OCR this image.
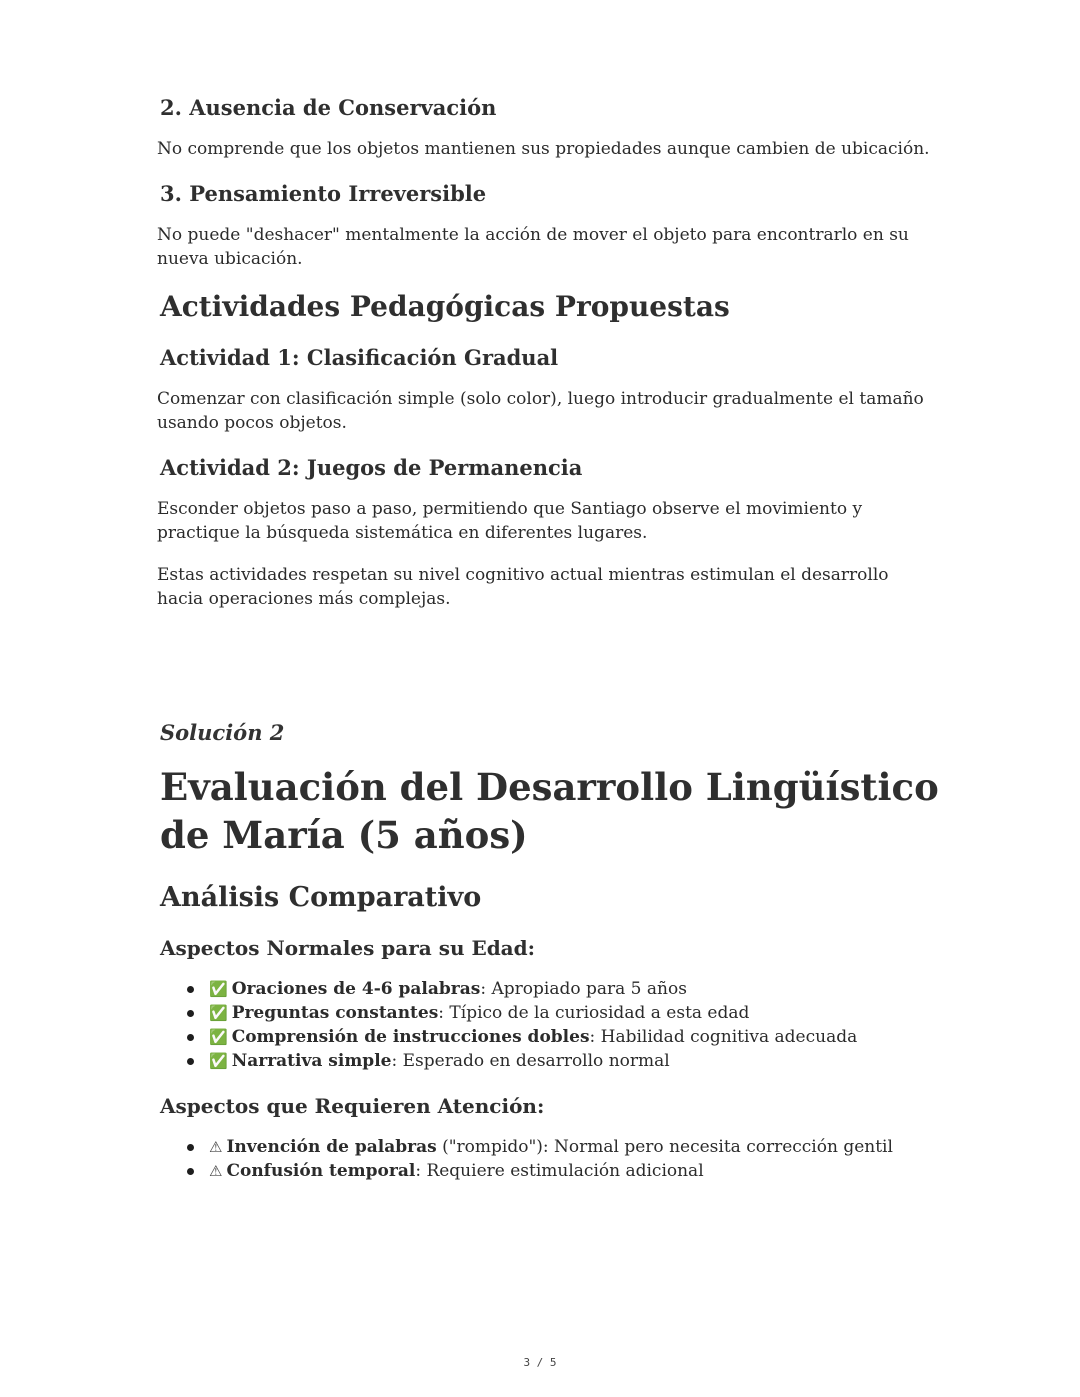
2. Ausencia de Conservación

No comprende que los objetos mantienen sus propiedades aunque cambien de ubicación.

3. Pensamiento Irreversible

No puede "deshacer" mentalmente la acción de mover el objeto para encontrarlo en su nueva ubicación.

Actividades Pedagógicas Propuestas
Actividad 1: Clasificación Gradual

Comenzar con clasificación simple (solo color), luego introducir gradualmente el tamaño usando pocos objetos.

Actividad 2: Juegos de Permanencia

Esconder objetos paso a paso, permitiendo que Santiago observe el movimiento y practique la búsqueda sistemática en diferentes lugares.

Estas actividades respetan su nivel cognitivo actual mientras estimulan el desarrollo hacia operaciones más complejas.

Solución 2

Evaluación del Desarrollo Lingüístico de María (5 años)
Análisis Comparativo
Aspectos Normales para su Edad:
✅ Oraciones de 4-6 palabras: Apropiado para 5 años
✅ Preguntas constantes: Típico de la curiosidad a esta edad
✅ Comprensión de instrucciones dobles: Habilidad cognitiva adecuada
✅ Narrativa simple: Esperado en desarrollo normal
Aspectos que Requieren Atención:
⚠ Invención de palabras ("rompido"): Normal pero necesita corrección gentil
⚠ Confusión temporal: Requiere estimulación adicional
3 / 5
